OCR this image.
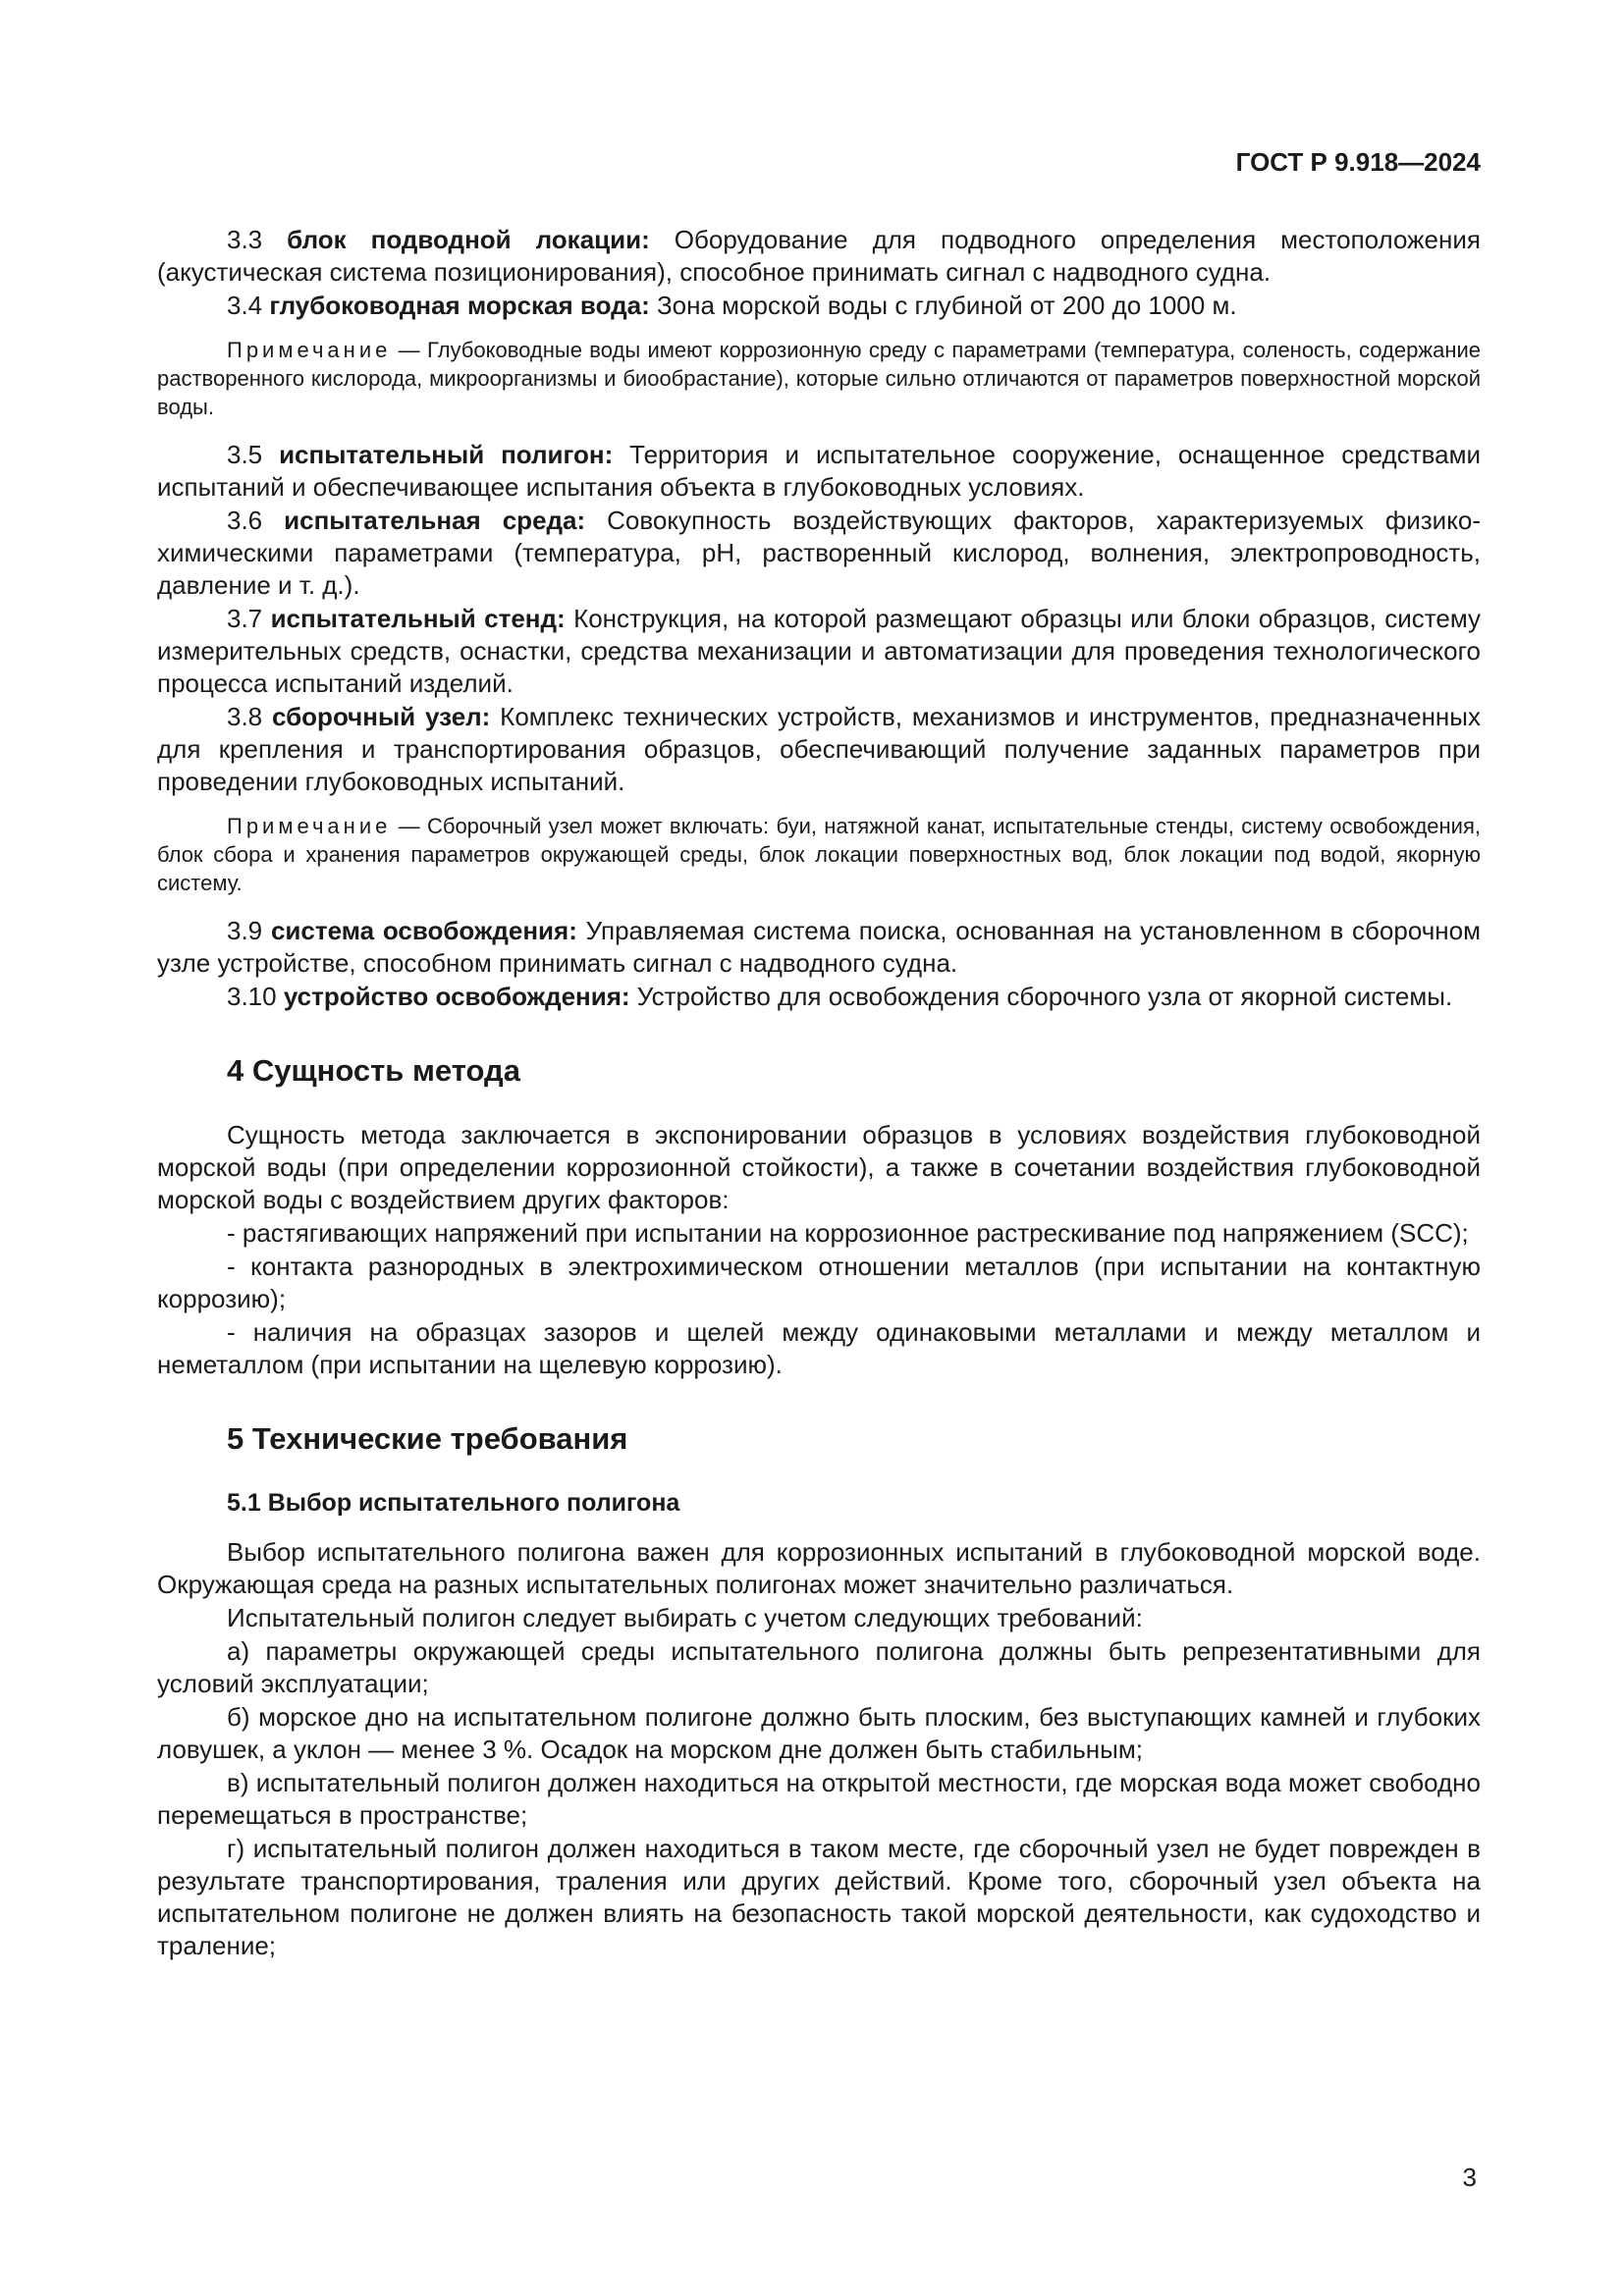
ГОСТ Р 9.918—2024

3.3 блок подводной локации: Оборудование для подводного определения местоположения (акустическая система позиционирования), способное принимать сигнал с надводного судна.

3.4 глубоководная морская вода: Зона морской воды с глубиной от 200 до 1000 м.

Примечание — Глубоководные воды имеют коррозионную среду с параметрами (температура, соленость, содержание растворенного кислорода, микроорганизмы и биообрастание), которые сильно отличаются от параметров поверхностной морской воды.

3.5 испытательный полигон: Территория и испытательное сооружение, оснащенное средствами испытаний и обеспечивающее испытания объекта в глубоководных условиях.

3.6 испытательная среда: Совокупность воздействующих факторов, характеризуемых физико-химическими параметрами (температура, pH, растворенный кислород, волнения, электропроводность, давление и т. д.).

3.7 испытательный стенд: Конструкция, на которой размещают образцы или блоки образцов, систему измерительных средств, оснастки, средства механизации и автоматизации для проведения технологического процесса испытаний изделий.

3.8 сборочный узел: Комплекс технических устройств, механизмов и инструментов, предназначенных для крепления и транспортирования образцов, обеспечивающий получение заданных параметров при проведении глубоководных испытаний.

Примечание — Сборочный узел может включать: буи, натяжной канат, испытательные стенды, систему освобождения, блок сбора и хранения параметров окружающей среды, блок локации поверхностных вод, блок локации под водой, якорную систему.

3.9 система освобождения: Управляемая система поиска, основанная на установленном в сборочном узле устройстве, способном принимать сигнал с надводного судна.

3.10 устройство освобождения: Устройство для освобождения сборочного узла от якорной системы.

4 Сущность метода

Сущность метода заключается в экспонировании образцов в условиях воздействия глубоководной морской воды (при определении коррозионной стойкости), а также в сочетании воздействия глубоководной морской воды с воздействием других факторов:

- растягивающих напряжений при испытании на коррозионное растрескивание под напряжением (SCC);

- контакта разнородных в электрохимическом отношении металлов (при испытании на контактную коррозию);

- наличия на образцах зазоров и щелей между одинаковыми металлами и между металлом и неметаллом (при испытании на щелевую коррозию).

5 Технические требования
5.1 Выбор испытательного полигона

Выбор испытательного полигона важен для коррозионных испытаний в глубоководной морской воде. Окружающая среда на разных испытательных полигонах может значительно различаться.

Испытательный полигон следует выбирать с учетом следующих требований:

а) параметры окружающей среды испытательного полигона должны быть репрезентативными для условий эксплуатации;

б) морское дно на испытательном полигоне должно быть плоским, без выступающих камней и глубоких ловушек, а уклон — менее 3 %. Осадок на морском дне должен быть стабильным;

в) испытательный полигон должен находиться на открытой местности, где морская вода может свободно перемещаться в пространстве;

г) испытательный полигон должен находиться в таком месте, где сборочный узел не будет поврежден в результате транспортирования, траления или других действий. Кроме того, сборочный узел объекта на испытательном полигоне не должен влиять на безопасность такой морской деятельности, как судоходство и траление;

3
